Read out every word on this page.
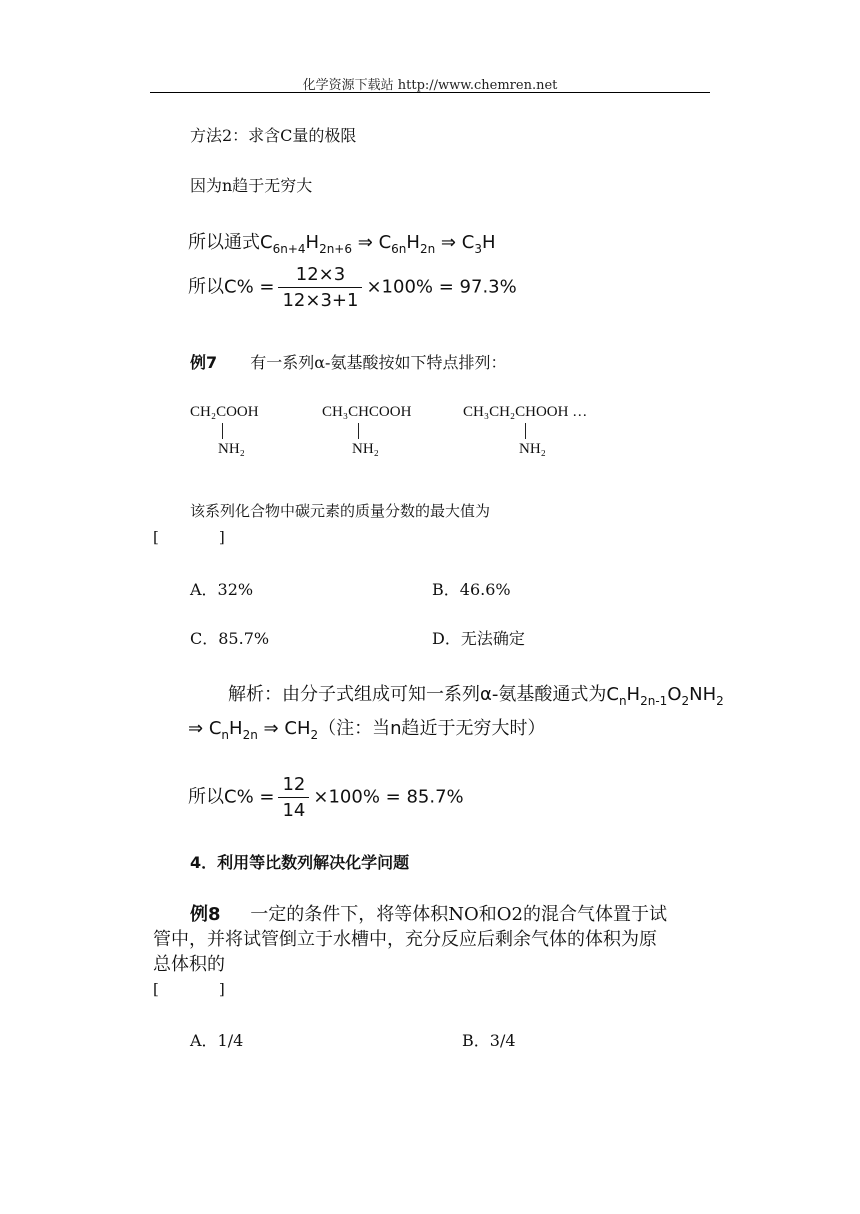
化学资源下载站 http://www.chemren.net
方法2：求含C量的极限
因为n趋于无穷大
所以通式$C_{6n+4}H_{2n+6}$ ⇒ $C_{6n}H_{2n}$ ⇒ $C_3H$
所以$C\% = \frac{12\times 3}{12\times 3+1} \times 100\% = 97.3\%$
例7 有一系列α-氨基酸按如下特点排列：
CH₂COOH
NH₂
CH₃CHCOOH
NH₂
CH₃CH₂CHOOH …
NH₂
该系列化合物中碳元素的质量分数的最大值为
[　　　　]
A．32%	B．46.6%
C．85.7%	D．无法确定
解析：由分子式组成可知一系列α-氨基酸通式为$C_nH_{2n-1}O_2NH_2$
⇒ $C_nH_{2n}$ ⇒ $CH_2$（注：当n趋近于无穷大时）
所以$C\% = \frac{12}{14} \times 100\% = 85.7\%$
4．利用等比数列解决化学问题
例8 一定的条件下，将等体积NO和O2的混合气体置于试
管中，并将试管倒立于水槽中，充分反应后剩余气体的体积为原
总体积的
[　　　　]
A．1/4	B．3/4
